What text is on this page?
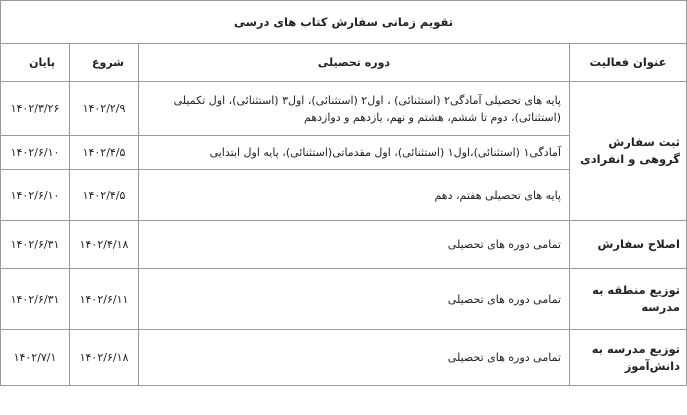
تقویم زمانی سفارش کتاب های درسی			
عنوان فعالیت	دوره تحصیلی	شروع	پایان
ثبت سفارش گروهی و انفرادی	پایه های تحصیلی آمادگی۲ (استثنائی) ، اول۲ (استثنائی)، اول۳ (استثنائی)، اول تکمیلی (استثنائی)، دوم تا ششم، هشتم و نهم، یازدهم و دوازدهم	۱۴۰۲/۲/۹	۱۴۰۲/۳/۲۶
	آمادگی۱ (استثنائی)،اول۱ (استثنائی)، اول مقدماتی(استثنائی)، پایه اول ابتدایی	۱۴۰۲/۴/۵	۱۴۰۲/۶/۱۰
	پایه های تحصیلی هفتم، دهم	۱۴۰۲/۴/۵	۱۴۰۲/۶/۱۰
اصلاح سفارش	تمامی دوره های تحصیلی	۱۴۰۲/۴/۱۸	۱۴۰۲/۶/۳۱
توزیع منطقه به مدرسه	تمامی دوره های تحصیلی	۱۴۰۲/۶/۱۱	۱۴۰۲/۶/۳۱
توزیع مدرسه به دانش‌آموز	تمامی دوره های تحصیلی	۱۴۰۲/۶/۱۸	۱۴۰۲/۷/۱
